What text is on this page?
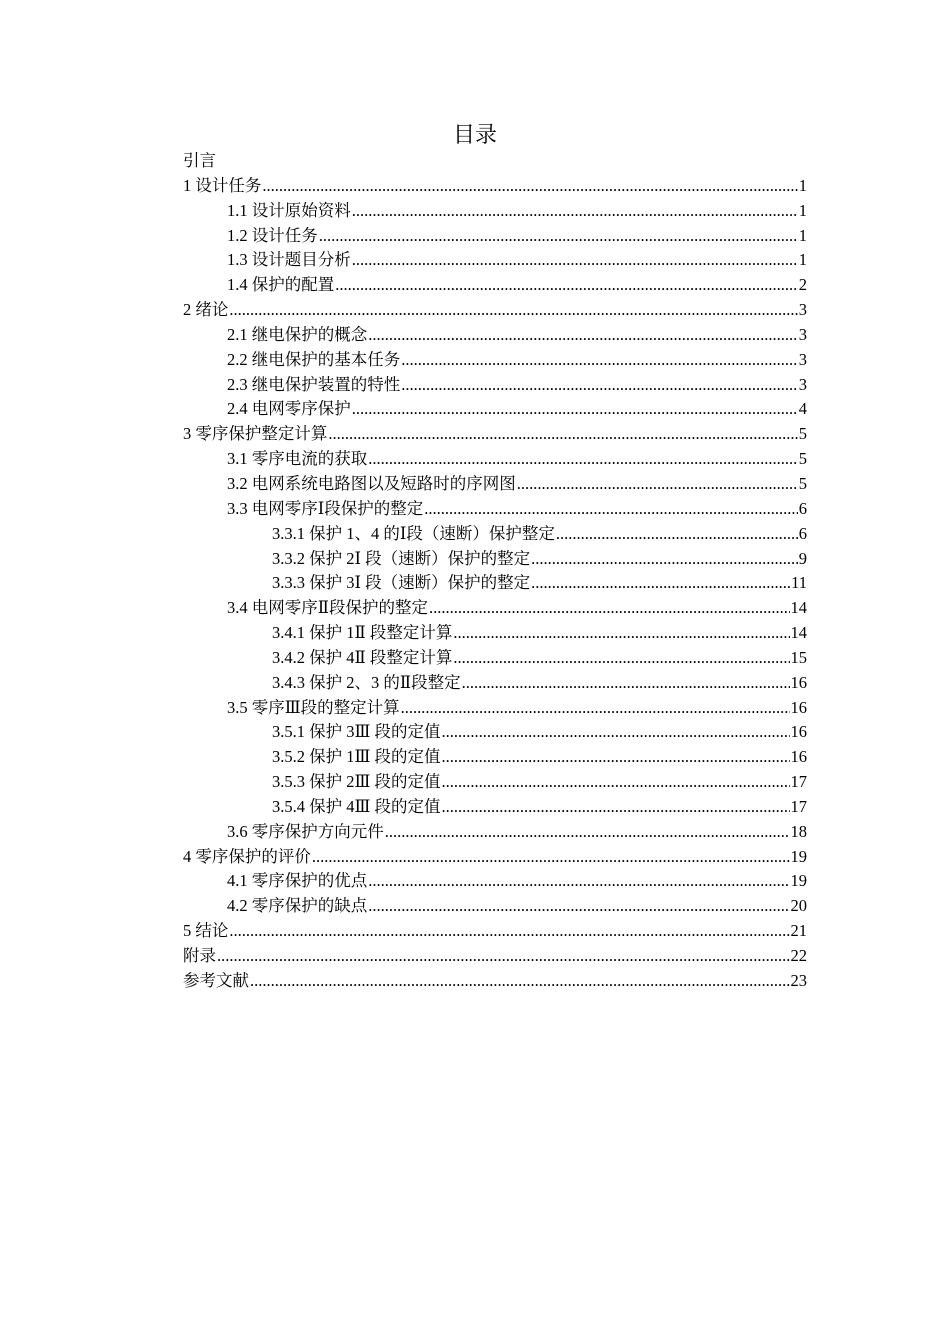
目录
引言
1 设计任务 .....	1
1.1 设计原始资料 .....	1
1.2 设计任务 .....	1
1.3 设计题目分析 .....	1
1.4 保护的配置 .....	2
2 绪论 .....	3
2.1 继电保护的概念 .....	3
2.2 继电保护的基本任务 .....	3
2.3 继电保护装置的特性 .....	3
2.4 电网零序保护 .....	4
3 零序保护整定计算 .....	5
3.1 零序电流的获取 .....	5
3.2 电网系统电路图以及短路时的序网图 .....	5
3.3 电网零序Ⅰ段保护的整定 .....	6
3.3.1 保护 1、4 的Ⅰ段（速断）保护整定 .....	6
3.3.2 保护 2Ⅰ 段（速断）保护的整定 .....	9
3.3.3 保护 3Ⅰ 段（速断）保护的整定 .....	11
3.4 电网零序Ⅱ段保护的整定 .....	14
3.4.1 保护 1Ⅱ 段整定计算 .....	14
3.4.2 保护 4Ⅱ 段整定计算 .....	15
3.4.3 保护 2、3 的Ⅱ段整定 .....	16
3.5 零序Ⅲ段的整定计算 .....	16
3.5.1 保护 3Ⅲ 段的定值 .....	16
3.5.2 保护 1Ⅲ 段的定值 .....	16
3.5.3 保护 2Ⅲ 段的定值 .....	17
3.5.4 保护 4Ⅲ 段的定值 .....	17
3.6 零序保护方向元件 .....	18
4 零序保护的评价 .....	19
4.1 零序保护的优点 .....	19
4.2 零序保护的缺点 .....	20
5 结论 .....	21
附录 .....	22
参考文献 .....	23
